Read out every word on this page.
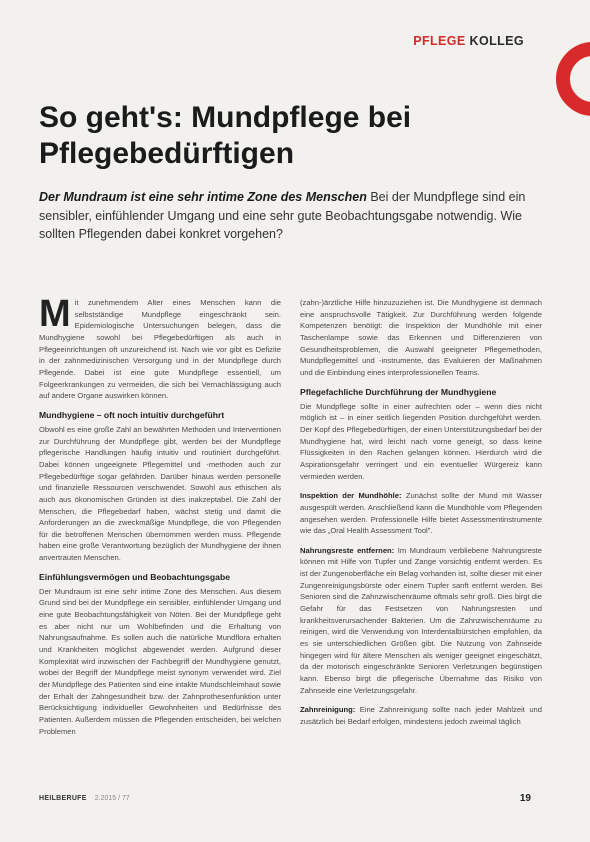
PFLEGE KOLLEG
So geht's: Mundpflege bei Pflegebedürftigen

Der Mundraum ist eine sehr intime Zone des Menschen Bei der Mundpflege sind ein sensibler, einfühlender Umgang und eine sehr gute Beobachtungsgabe notwendig. Wie sollten Pflegenden dabei konkret vorgehen?

Mit zunehmendem Alter eines Menschen kann die selbstständige Mundpflege eingeschränkt sein. Epidemiologische Untersuchungen belegen, dass die Mundhygiene sowohl bei Pflegebedürftigen als auch in Pflegeeinrichtungen oft unzureichend ist. Nach wie vor gibt es Defizite in der zahnmedizinischen Versorgung und in der Mundpflege durch Pflegende. Dabei ist eine gute Mundpflege essentiell, um Folgeerkrankungen zu vermeiden, die sich bei Vernachlässigung auch auf andere Organe auswirken können.

Mundhygiene – oft noch intuitiv durchgeführt

Obwohl es eine große Zahl an bewährten Methoden und Interventionen zur Durchführung der Mundpflege gibt, werden bei der Mundpflege pflegerische Handlungen häufig intuitiv und routiniert durchgeführt. Dabei können ungeeignete Pflegemittel und -methoden auch zur Pflegebedürftige sogar gefährden. Darüber hinaus werden personelle und finanzielle Ressourcen verschwendet. Sowohl aus ethischen als auch aus ökonomischen Gründen ist dies inakzeptabel. Die Zahl der Menschen, die Pflegebedarf haben, wächst stetig und damit die Anforderungen an die zweckmäßige Mundpflege, die von Pflegenden für die betroffenen Menschen übernommen werden muss. Pflegende haben eine große Verantwortung bezüglich der Mundhygiene der ihnen anvertrauten Menschen.

Einfühlungsvermögen und Beobachtungsgabe

Der Mundraum ist eine sehr intime Zone des Menschen. Aus diesem Grund sind bei der Mundpflege ein sensibler, einfühlender Umgang und eine gute Beobachtungsfähigkeit von Nöten. Bei der Mundpflege geht es aber nicht nur um Wohlbefinden und die Erhaltung von Nahrungsaufnahme. Es sollen auch die natürliche Mundflora erhalten und Krankheiten möglichst abgewendet werden. Aufgrund dieser Komplexität wird inzwischen der Fachbegriff der Mundhygiene genutzt, wobei der Begriff der Mundpflege meist synonym verwendet wird. Ziel der Mundpflege des Patienten sind eine intakte Mundschleimhaut sowie der Erhalt der Zahngesundheit bzw. der Zahnprothesenfunktion unter Berücksichtigung individueller Gewohnheiten und Bedürfnisse des Patienten. Außerdem müssen die Pflegenden entscheiden, bei welchen Problemen

(zahn-)ärztliche Hilfe hinzuzuziehen ist. Die Mundhygiene ist demnach eine anspruchsvolle Tätigkeit. Zur Durchführung werden folgende Kompetenzen benötigt: die Inspektion der Mundhöhle mit einer Taschenlampe sowie das Erkennen und Differenzieren von Gesundheitsproblemen, die Auswahl geeigneter Pflegemethoden, Mundpflegemittel und -instrumente, das Evaluieren der Maßnahmen und die Einbindung eines interprofessionellen Teams.

Pflegefachliche Durchführung der Mundhygiene

Die Mundpflege sollte in einer aufrechten oder – wenn dies nicht möglich ist – in einer seitlich liegenden Position durchgeführt werden. Der Kopf des Pflegebedürftigen, der einen Unterstützungsbedarf bei der Mundhygiene hat, wird leicht nach vorne geneigt, so dass keine Flüssigkeiten in den Rachen gelangen können. Hierdurch wird die Aspirationsgefahr verringert und ein eventueller Würgereiz kann vermieden werden.

Inspektion der Mundhöhle: Zunächst sollte der Mund mit Wasser ausgespült werden. Anschließend kann die Mundhöhle vom Pflegenden angesehen werden. Professionelle Hilfe bietet Assessmentinstrumente wie das „Oral Health Assessment Tool".

Nahrungsreste entfernen: Im Mundraum verbliebene Nahrungsreste können mit Hilfe von Tupfer und Zange vorsichtig entfernt werden. Es ist der Zungenoberfläche ein Belag vorhanden ist, sollte dieser mit einer Zungenreinigungsbürste oder einem Tupfer sanft entfernt werden. Bei Senioren sind die Zahnzwischenräume oftmals sehr groß. Dies birgt die Gefahr für das Festsetzen von Nahrungsresten und krankheitsverursachender Bakterien. Um die Zahnzwischenräume zu reinigen, wird die Verwendung von Interdentalbürstchen empfohlen, da es sie unterschiedlichen Größen gibt. Die Nutzung von Zahnseide hingegen wird für ältere Menschen als weniger geeignet eingeschätzt, da der motorisch eingeschränkte Senioren Verletzungen begünstigen kann. Ebenso birgt die pflegerische Übernahme das Risiko von Zahnseide eine Verletzungsgefahr.

Zahnreinigung: Eine Zahnreinigung sollte nach jeder Mahlzeit und zusätzlich bei Bedarf erfolgen, mindestens jedoch zweimal täglich

HEILBERUFE 2.2015 / 77	19
